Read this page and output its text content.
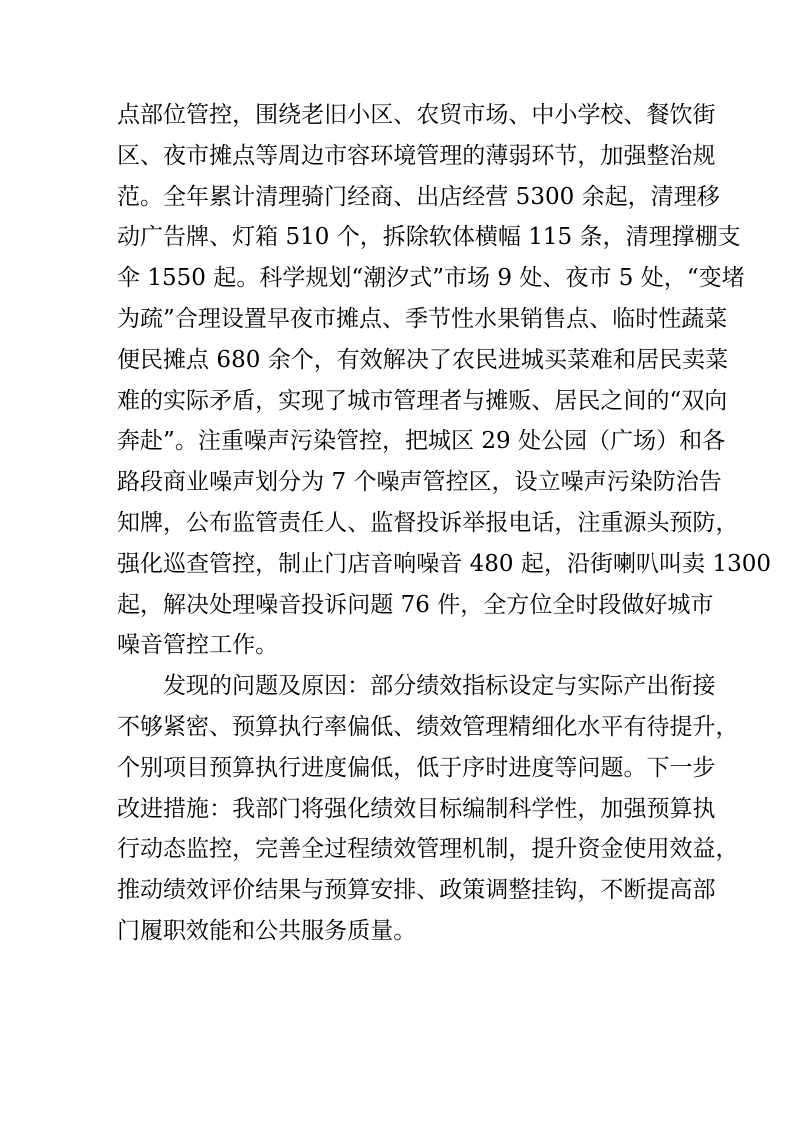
点部位管控，围绕老旧小区、农贸市场、中小学校、餐饮街
区、夜市摊点等周边市容环境管理的薄弱环节，加强整治规
范。全年累计清理骑门经商、出店经营 5300 余起，清理移
动广告牌、灯箱 510 个，拆除软体横幅 115 条，清理撑棚支
伞 1550 起。科学规划“潮汐式”市场 9 处、夜市 5 处，“变堵
为疏”合理设置早夜市摊点、季节性水果销售点、临时性蔬菜
便民摊点 680 余个，有效解决了农民进城买菜难和居民卖菜
难的实际矛盾，实现了城市管理者与摊贩、居民之间的“双向
奔赴”。注重噪声污染管控，把城区 29 处公园（广场）和各
路段商业噪声划分为 7 个噪声管控区，设立噪声污染防治告
知牌，公布监管责任人、监督投诉举报电话，注重源头预防，
强化巡查管控，制止门店音响噪音 480 起，沿街喇叭叫卖 1300
起，解决处理噪音投诉问题 76 件，全方位全时段做好城市
噪音管控工作。
发现的问题及原因：部分绩效指标设定与实际产出衔接
不够紧密、预算执行率偏低、绩效管理精细化水平有待提升，
个别项目预算执行进度偏低，低于序时进度等问题。下一步
改进措施：我部门将强化绩效目标编制科学性，加强预算执
行动态监控，完善全过程绩效管理机制，提升资金使用效益，
推动绩效评价结果与预算安排、政策调整挂钩，不断提高部
门履职效能和公共服务质量。
